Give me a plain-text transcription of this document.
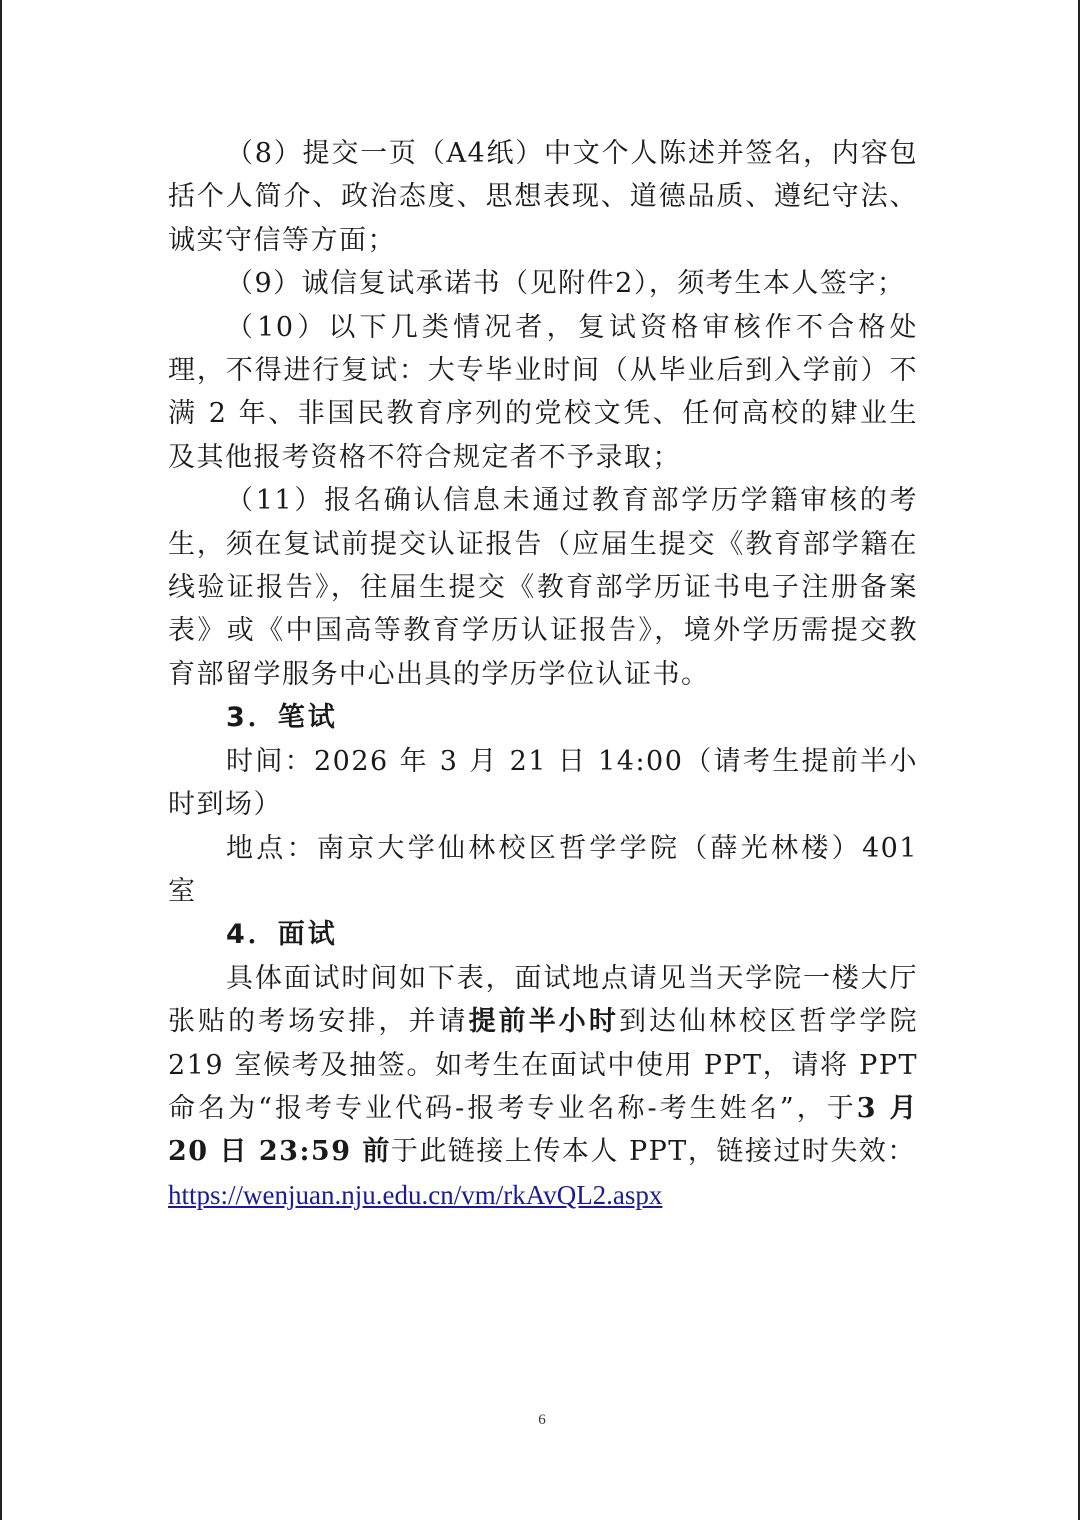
（8）提交一页（A4纸）中文个人陈述并签名，内容包括个人简介、政治态度、思想表现、道德品质、遵纪守法、诚实守信等方面；

（9）诚信复试承诺书（见附件2），须考生本人签字；

（10）以下几类情况者，复试资格审核作不合格处理，不得进行复试：大专毕业时间（从毕业后到入学前）不满 2 年、非国民教育序列的党校文凭、任何高校的肄业生及其他报考资格不符合规定者不予录取；

（11）报名确认信息未通过教育部学历学籍审核的考生，须在复试前提交认证报告（应届生提交《教育部学籍在线验证报告》，往届生提交《教育部学历证书电子注册备案表》或《中国高等教育学历认证报告》，境外学历需提交教育部留学服务中心出具的学历学位认证书。

3．笔试

时间：2026 年 3 月 21 日 14:00（请考生提前半小时到场）

地点：南京大学仙林校区哲学学院（薛光林楼）401 室

4．面试

具体面试时间如下表，面试地点请见当天学院一楼大厅张贴的考场安排，并请提前半小时到达仙林校区哲学学院 219 室候考及抽签。如考生在面试中使用 PPT，请将 PPT 命名为“报考专业代码-报考专业名称-考生姓名”，于3 月 20 日 23:59 前于此链接上传本人 PPT，链接过时失效：

https://wenjuan.nju.edu.cn/vm/rkAvQL2.aspx

6
